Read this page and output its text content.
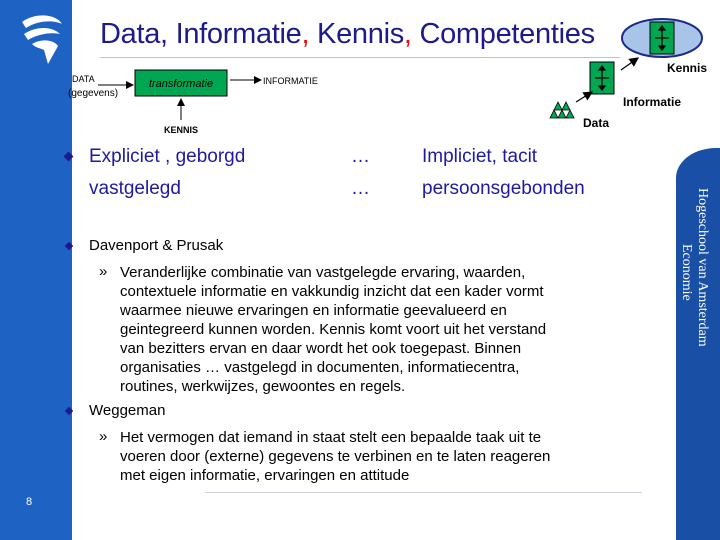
Data, Informatie, Kennis, Competenties
DATA
(gegevens)
transformatie	INFORMATIE
KENNIS
Kennis
Informatie
Data
Expliciet , geborgd	…	Impliciet, tacit
vastgelegd	…	persoonsgebonden
Davenport & Prusak
» Veranderlijke combinatie van vastgelegde ervaring, waarden,
contextuele informatie en vakkundig inzicht dat een kader vormt
waarmee nieuwe ervaringen en informatie geevalueerd en
geintegreerd kunnen worden. Kennis komt voort uit het verstand
van bezitters ervan en daar wordt het ook toegepast. Binnen
organisaties … vastgelegd in documenten, informatiecentra,
routines, werkwijzes, gewoontes en regels.
Weggeman
» Het vermogen dat iemand in staat stelt een bepaalde taak uit te
voeren door (externe) gegevens te verbinen en te laten reageren
met eigen informatie, ervaringen en attitude
8
Hogeschool van Amsterdam
Economie
